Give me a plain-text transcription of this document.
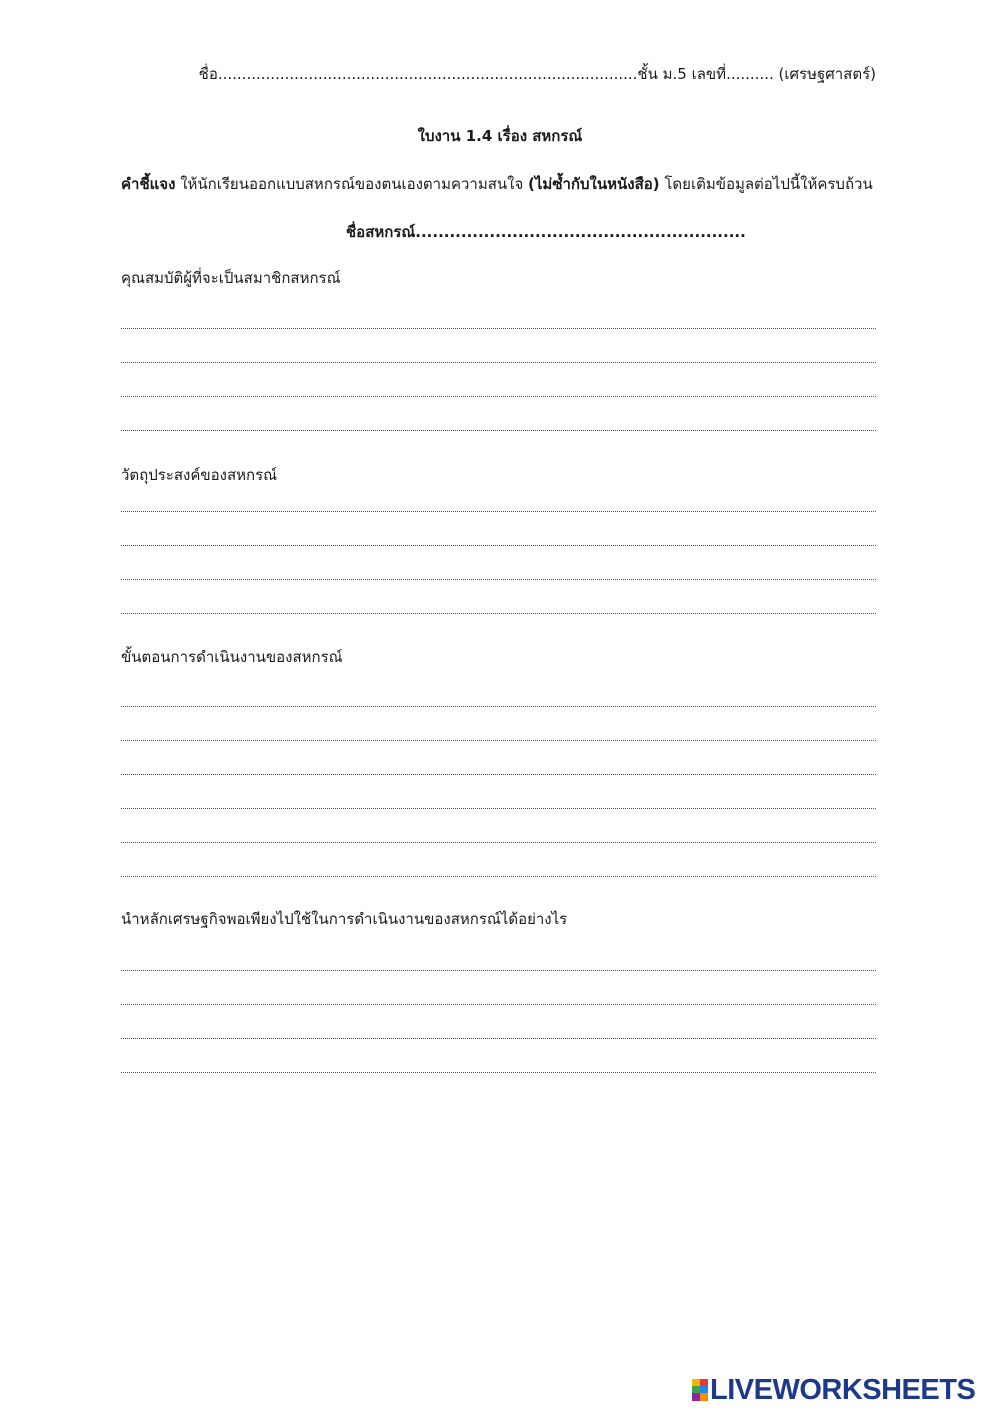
ชื่อ........................................................................................ชั้น ม.5 เลขที่.......... (เศรษฐศาสตร์)
ใบงาน 1.4 เรื่อง สหกรณ์
คำชี้แจง ให้นักเรียนออกแบบสหกรณ์ของตนเองตามความสนใจ (ไม่ซ้ำกับในหนังสือ) โดยเติมข้อมูลต่อไปนี้ให้ครบถ้วน
ชื่อสหกรณ์..........................................................
คุณสมบัติผู้ที่จะเป็นสมาชิกสหกรณ์
วัตถุประสงค์ของสหกรณ์
ขั้นตอนการดำเนินงานของสหกรณ์
นำหลักเศรษฐกิจพอเพียงไปใช้ในการดำเนินงานของสหกรณ์ได้อย่างไร
LIVEWORKSHEETS
